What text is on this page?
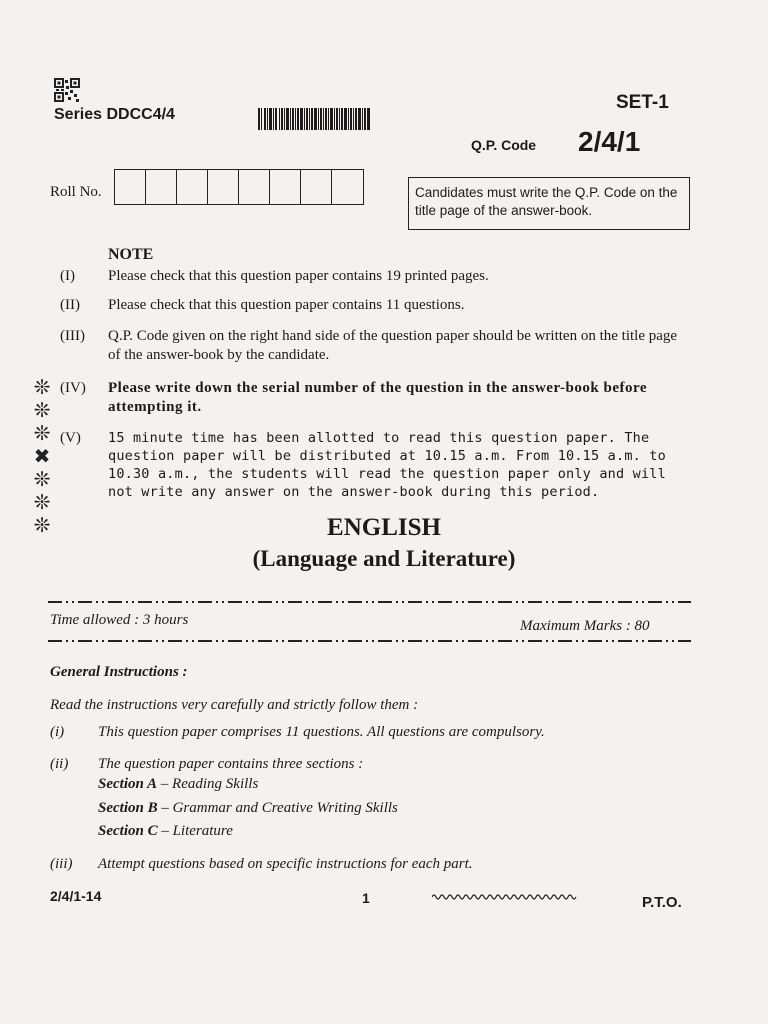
Series DDCC4/4
SET-1
Q.P. Code 2/4/1
Roll No.	Candidates must write the Q.P. Code on the title page of the answer-book.
NOTE
(I)	Please check that this question paper contains 19 printed pages.
(II)	Please check that this question paper contains 11 questions.
(III)	Q.P. Code given on the right hand side of the question paper should be written on the title page of the answer-book by the candidate.
(IV)	Please write down the serial number of the question in the answer-book before attempting it.
(V)	15 minute time has been allotted to read this question paper. The question paper will be distributed at 10.15 a.m. From 10.15 a.m. to 10.30 a.m., the students will read the question paper only and will not write any answer on the answer-book during this period.
❊
❊
❊
✖
❊
❊
❊	ENGLISH
(Language and Literature)
Time allowed : 3 hours	Maximum Marks : 80
General Instructions :
Read the instructions very carefully and strictly follow them :
(i)	This question paper comprises 11 questions. All questions are compulsory.
(ii)	The question paper contains three sections :
Section A – Reading Skills
Section B – Grammar and Creative Writing Skills
Section C – Literature
(iii)	Attempt questions based on specific instructions for each part.
2/4/1-14	1	P.T.O.
